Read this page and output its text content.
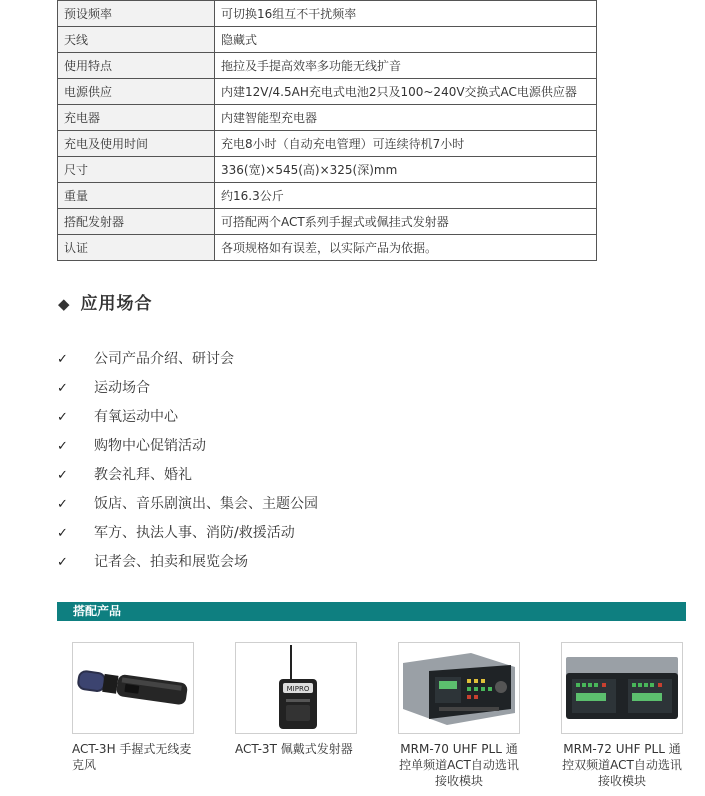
预设频率	可切换16组互不干扰频率
天线	隐藏式
使用特点	拖拉及手提高效率多功能无线扩音
电源供应	内建12V/4.5AH充电式电池2只及100~240V交换式AC电源供应器
充电器	内建智能型充电器
充电及使用时间	充电8小时（自动充电管理）可连续待机7小时
尺寸	336(宽)×545(高)×325(深)mm
重量	约16.3公斤
搭配发射器	可搭配两个ACT系列手握式或佩挂式发射器
认证	各项规格如有误差，以实际产品为依据。
◆ 应用场合
✓ 公司产品介绍、研讨会
✓ 运动场合
✓ 有氧运动中心
✓ 购物中心促销活动
✓ 教会礼拜、婚礼
✓ 饭店、音乐剧演出、集会、主题公园
✓ 军方、执法人事、消防/救援活动
✓ 记者会、拍卖和展览会场
搭配产品
ACT-3H 手握式无线麦克风
MIPRO
ACT-3T 佩戴式发射器	MRM-70 UHF PLL 通控单频道ACT自动选讯接收模块
MRM-72 UHF PLL 通控双频道ACT自动选讯接收模块
